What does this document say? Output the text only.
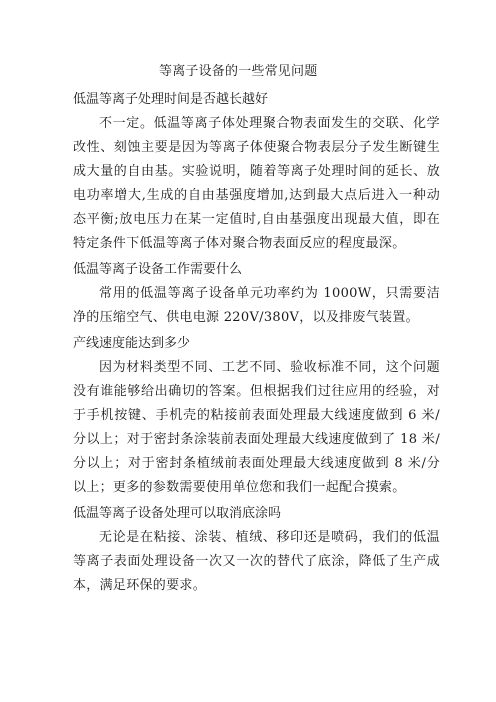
等离子设备的一些常见问题
低温等离子处理时间是否越长越好

不一定。低温等离子体处理聚合物表面发生的交联、化学改性、刻蚀主要是因为等离子体使聚合物表层分子发生断键生成大量的自由基。实验说明，随着等离子处理时间的延长、放电功率增大,生成的自由基强度增加,达到最大点后进入一种动态平衡;放电压力在某一定值时,自由基强度出现最大值，即在特定条件下低温等离子体对聚合物表面反应的程度最深。

低温等离子设备工作需要什么

常用的低温等离子设备单元功率约为 1000W，只需要洁净的压缩空气、供电电源 220V/380V，以及排废气装置。

产线速度能达到多少

因为材料类型不同、工艺不同、验收标准不同，这个问题没有谁能够给出确切的答案。但根据我们过往应用的经验，对于手机按键、手机壳的粘接前表面处理最大线速度做到 6 米/分以上；对于密封条涂装前表面处理最大线速度做到了 18 米/分以上；对于密封条植绒前表面处理最大线速度做到 8 米/分以上；更多的参数需要使用单位您和我们一起配合摸索。

低温等离子设备处理可以取消底涂吗

无论是在粘接、涂装、植绒、移印还是喷码，我们的低温等离子表面处理设备一次又一次的替代了底涂，降低了生产成本，满足环保的要求。
